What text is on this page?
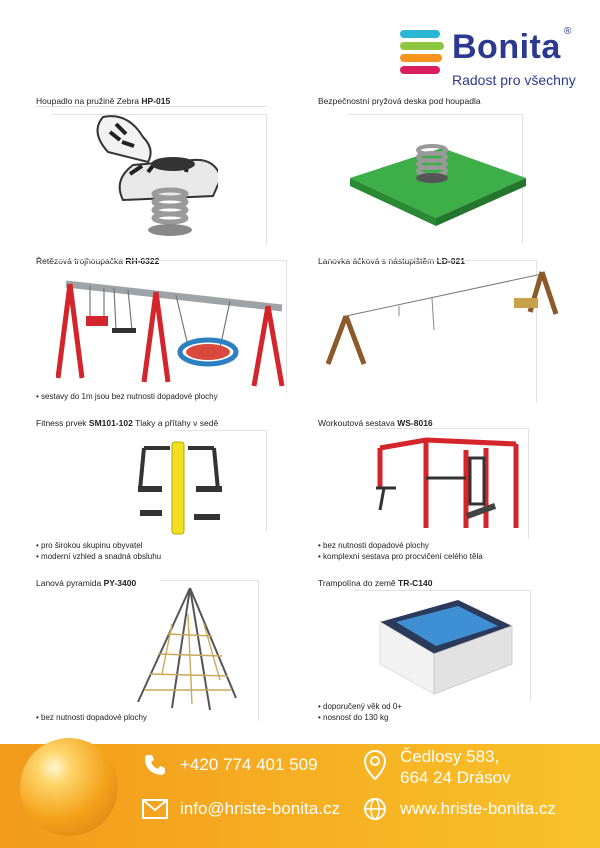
Bonita ®
Radost pro všechny
Houpadlo na pružině Zebra HP-015	Bezpečnostní pryžová deska pod houpadla
Řetězová trojhoupačka RH-6322
• sestavy do 1m jsou bez nutnosti dopadové plochy
Lanovka áčková s nástupištěm LD-021
Fitness prvek SM101-102 Tlaky a přítahy v sedě
• pro širokou skupinu obyvatel
• moderní vzhled a snadná obsluhu
Workoutová sestava WS-8016
• bez nutnosti dopadové plochy
• komplexní sestava pro procvičení celého těla
Lanová pyramida PY-3400
• bez nutnosti dopadové plochy
Trampolína do země TR-C140
• doporučený věk od 0+
• nosnost do 130 kg
+420 774 401 509
info@hriste-bonita.cz
Čedlosy 583,
664 24 Drásov
www.hriste-bonita.cz
